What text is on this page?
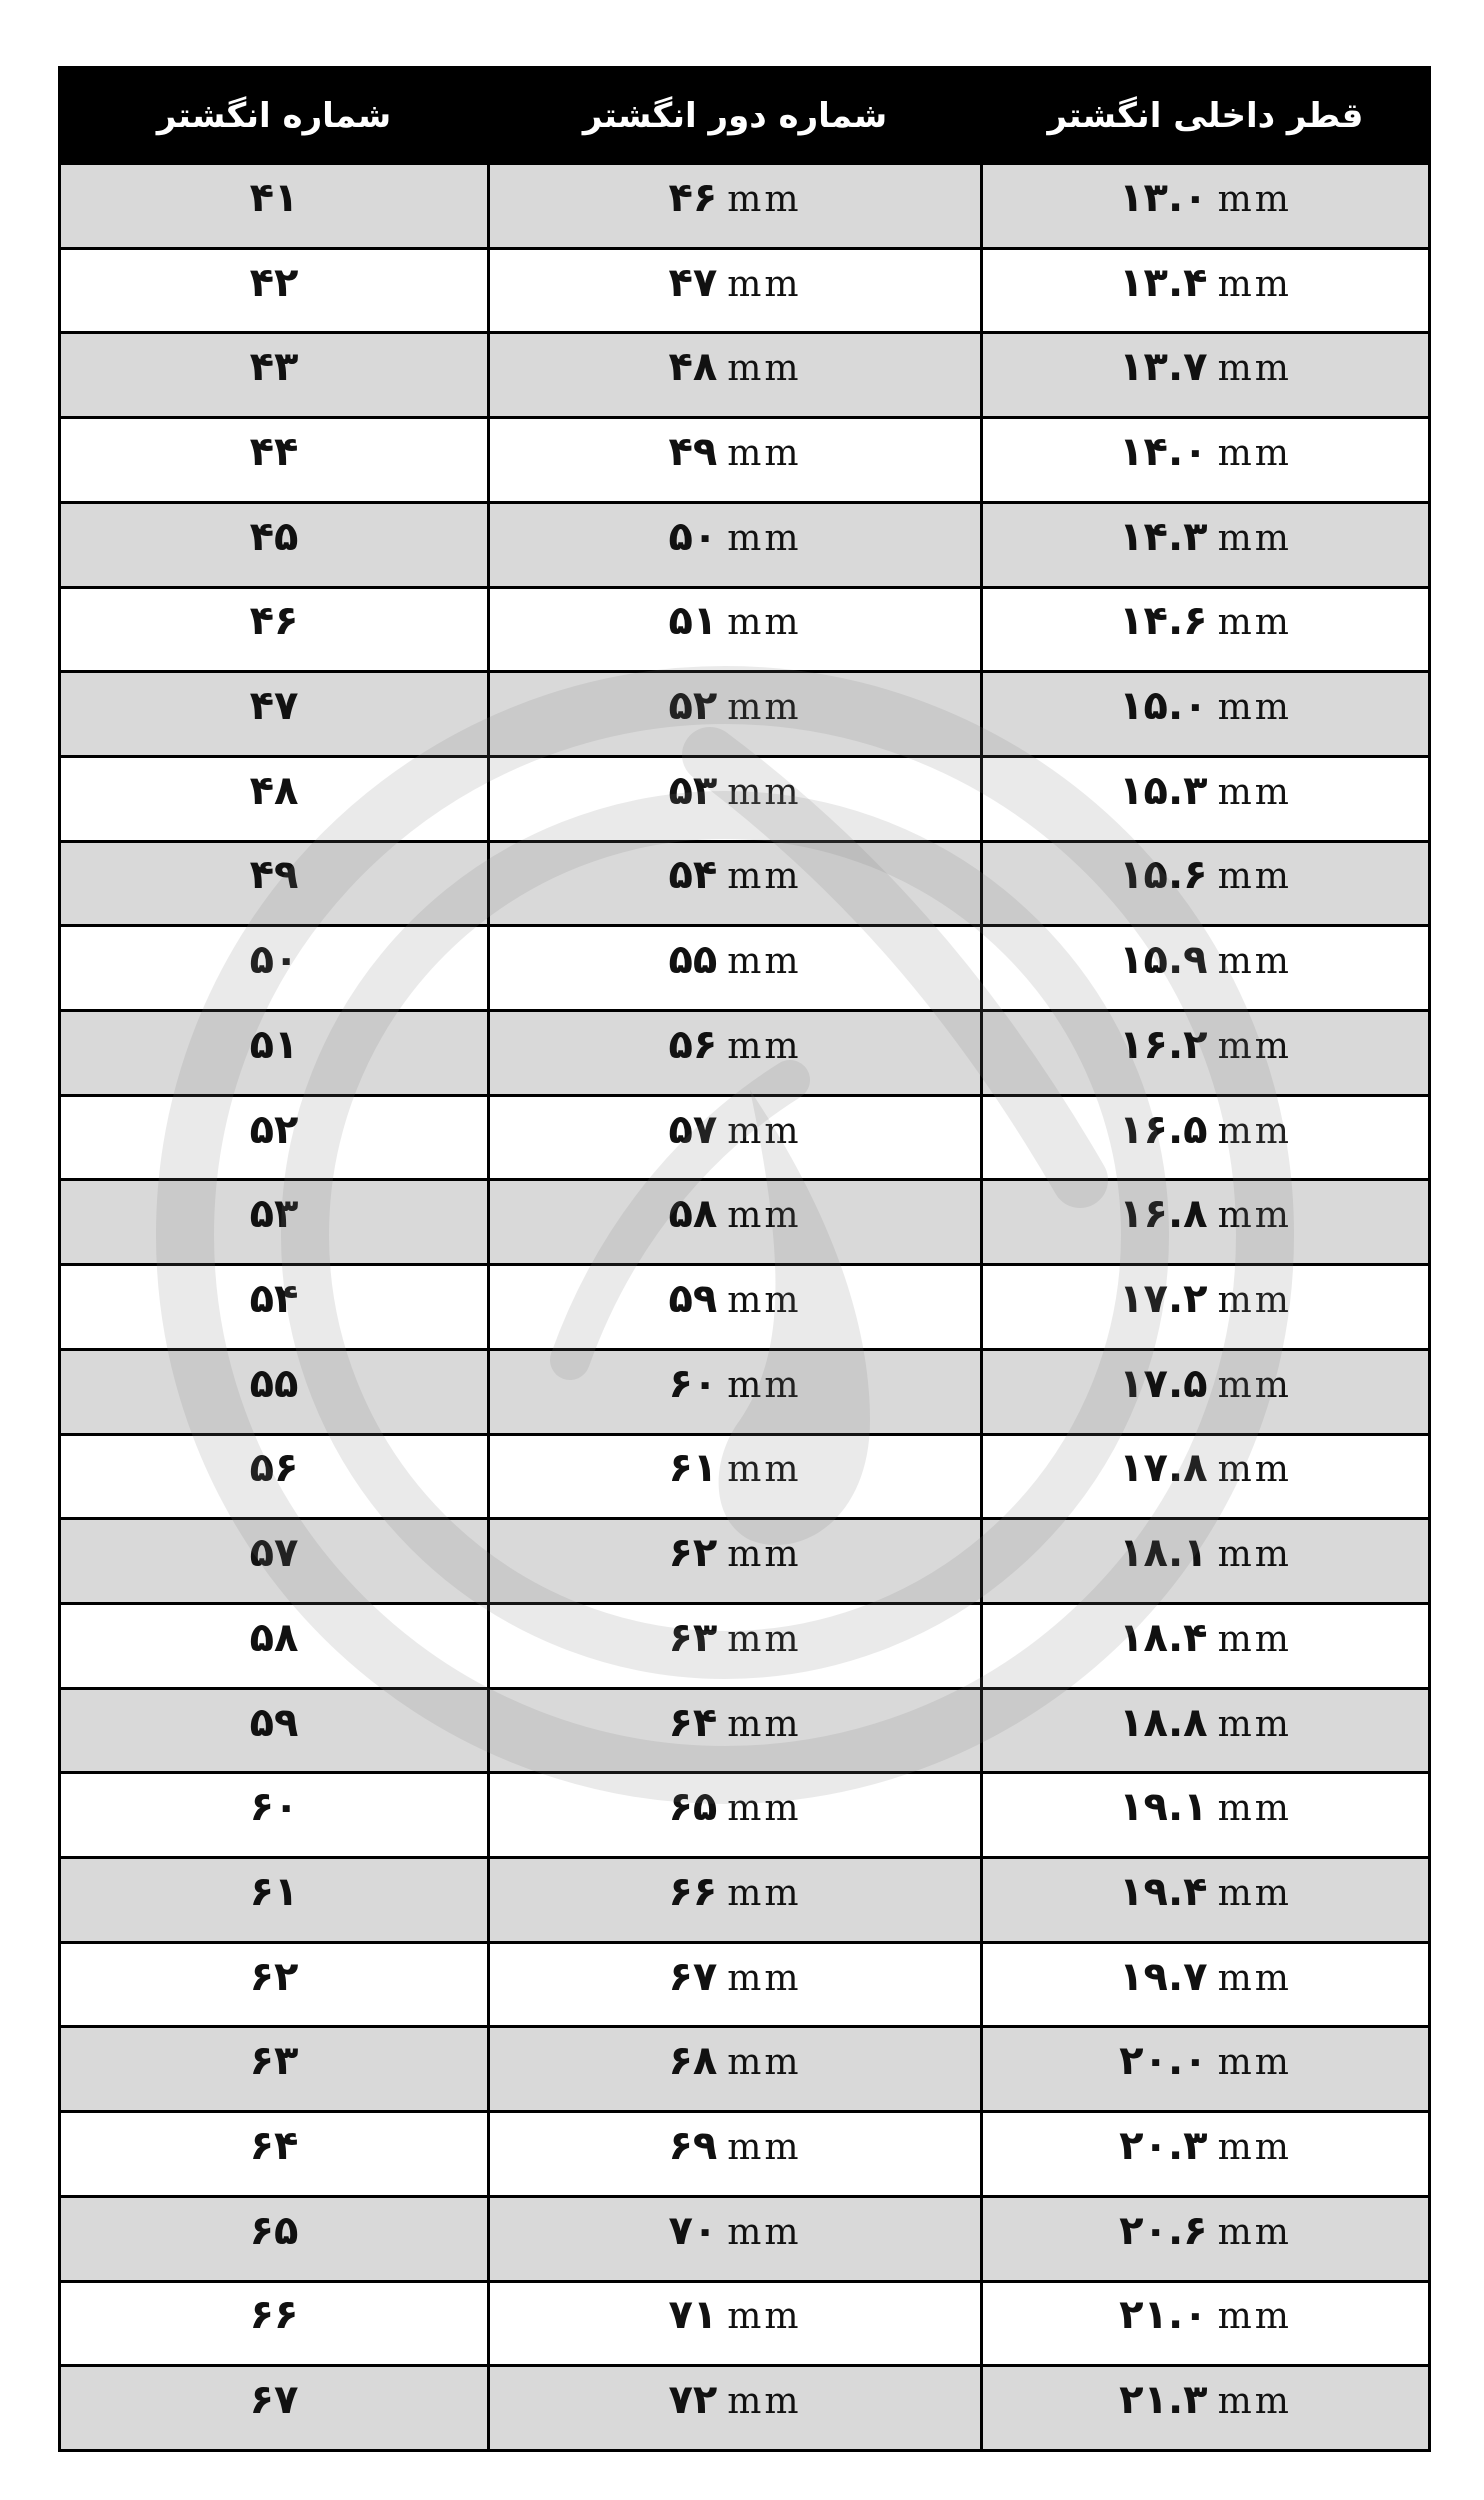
شماره انگشتر	شماره دور انگشتر	قطر داخلی انگشتر
۴۱	۴۶ mm	۱۳.۰ mm
۴۲	۴۷ mm	۱۳.۴ mm
۴۳	۴۸ mm	۱۳.۷ mm
۴۴	۴۹ mm	۱۴.۰ mm
۴۵	۵۰ mm	۱۴.۳ mm
۴۶	۵۱ mm	۱۴.۶ mm
۴۷	۵۲ mm	۱۵.۰ mm
۴۸	۵۳ mm	۱۵.۳ mm
۴۹	۵۴ mm	۱۵.۶ mm
۵۰	۵۵ mm	۱۵.۹ mm
۵۱	۵۶ mm	۱۶.۲ mm
۵۲	۵۷ mm	۱۶.۵ mm
۵۳	۵۸ mm	۱۶.۸ mm
۵۴	۵۹ mm	۱۷.۲ mm
۵۵	۶۰ mm	۱۷.۵ mm
۵۶	۶۱ mm	۱۷.۸ mm
۵۷	۶۲ mm	۱۸.۱ mm
۵۸	۶۳ mm	۱۸.۴ mm
۵۹	۶۴ mm	۱۸.۸ mm
۶۰	۶۵ mm	۱۹.۱ mm
۶۱	۶۶ mm	۱۹.۴ mm
۶۲	۶۷ mm	۱۹.۷ mm
۶۳	۶۸ mm	۲۰.۰ mm
۶۴	۶۹ mm	۲۰.۳ mm
۶۵	۷۰ mm	۲۰.۶ mm
۶۶	۷۱ mm	۲۱.۰ mm
۶۷	۷۲ mm	۲۱.۳ mm
